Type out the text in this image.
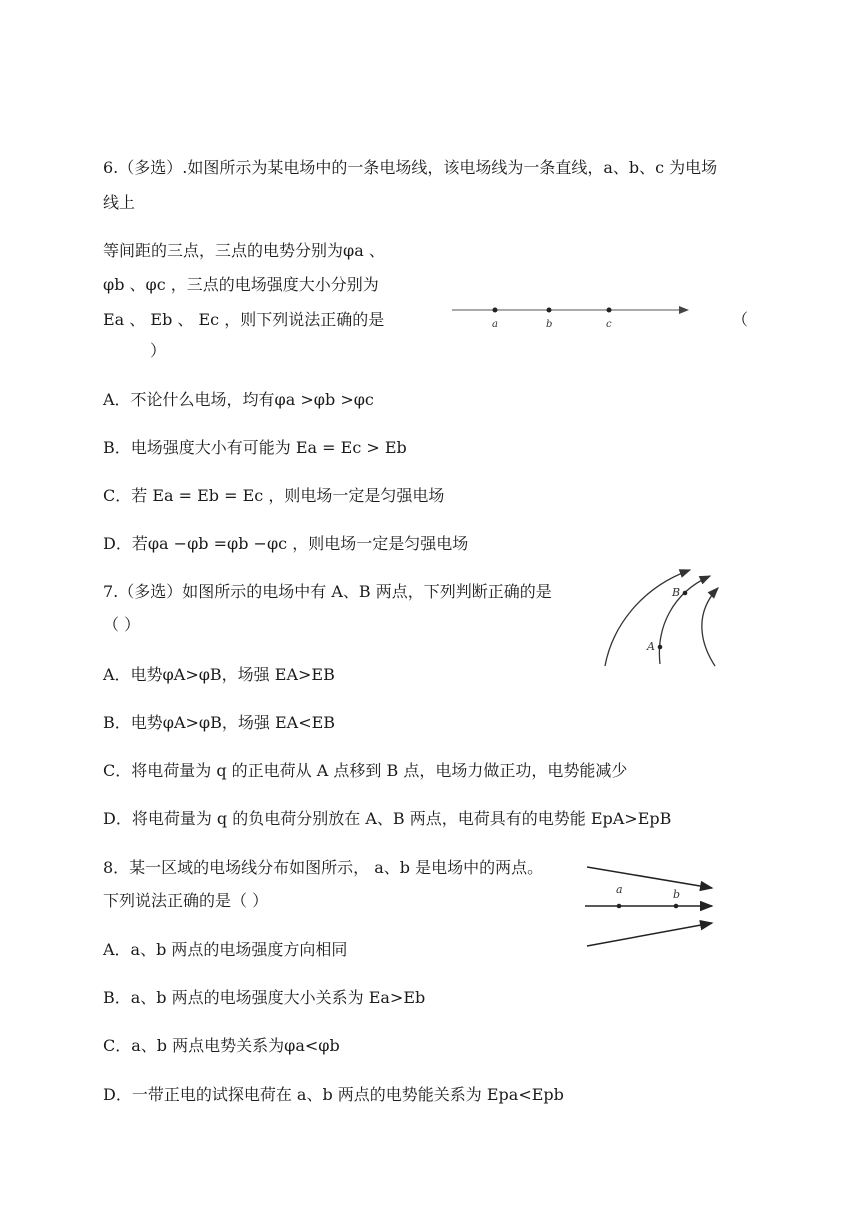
6.（多选）.如图所示为某电场中的一条电场线，该电场线为一条直线，a、b、c 为电场
线上
等间距的三点，三点的电势分别为φa 、
φb 、φc ，三点的电场强度大小分别为
Ea 、 Eb 、 Ec ，则下列说法正确的是	（
）
a	b	c
A．不论什么电场，均有φa >φb >φc
B．电场强度大小有可能为 Ea = Ec > Eb
C．若 Ea = Eb = Ec ，则电场一定是匀强电场
D．若φa −φb =φb −φc ，则电场一定是匀强电场
7.（多选）如图所示的电场中有 A、B 两点，下列判断正确的是
（ ）
A
B
A．电势φA>φB，场强 EA>EB
B．电势φA>φB，场强 EA<EB
C．将电荷量为 q 的正电荷从 A 点移到 B 点，电场力做正功，电势能减少
D．将电荷量为 q 的负电荷分别放在 A、B 两点，电荷具有的电势能 EpA>EpB
8．某一区域的电场线分布如图所示， a、b 是电场中的两点。
下列说法正确的是（ ）
a	b
A．a、b 两点的电场强度方向相同
B．a、b 两点的电场强度大小关系为 Ea>Eb
C．a、b 两点电势关系为φa<φb
D．一带正电的试探电荷在 a、b 两点的电势能关系为 Epa<Epb
